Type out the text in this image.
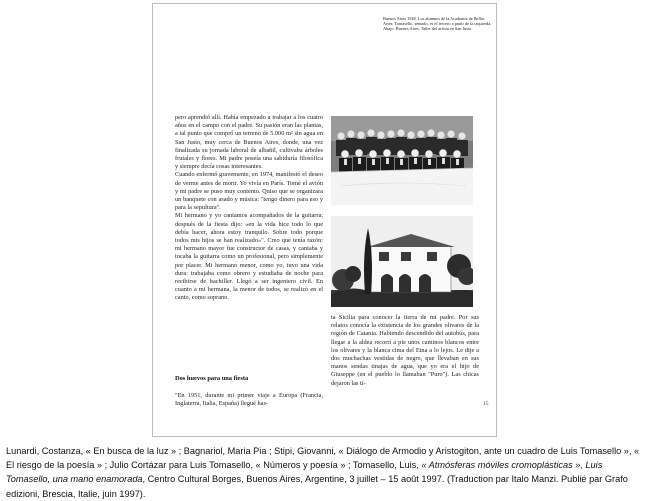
Buenos Aires 1948. Los alumnos de la Academia de Bellas Artes: Tomasello, sentado, es el tercero a partir de la izquierda. Abajo: Buenos Aires. Taller del artista en San Justo.

pero aprendió allí. Había empezado a trabajar a los cuatro años en el campo con el padre. Su pasión eran las plantas, a tal punto que compró un terreno de 5.000 m² sin agua en San Justo, muy cerca de Buenos Aires, donde, una vez finalizada su jornada laboral de albañil, cultivaba árboles frutales y flores. Mi padre poseía una sabiduría filosófica y siempre decía cosas interesantes.

Cuando enfermó gravemente, en 1974, manifestó el deseo de verme antes de morir. Yo vivía en París. Tomé el avión y mi padre se puso muy contento. Quiso que se organizara un banquete con asado y música: "tengo dinero para eso y para la sepultura".

Mi hermano y yo cantamos acompañados de la guitarra; después de la fiesta dijo: «en la vida hice todo lo que debía hacer, ahora estoy tranquilo. Sobre todo porque todos mis hijos se han realizado»". Creo que tenía razón: mi hermano mayor fue constructor de casas, y cantaba y tocaba la guitarra como un profesional, pero simplemente por placer. Mi hermano menor, como yo, tuvo una vida dura: trabajaba como obrero y estudiaba de noche para recibirse de bachiller. Llegó a ser ingeniero civil. En cuanto a mi hermana, la menor de todos, se realizó en el canto, como soprano.

Dos huevos para una fiesta

"En 1951, durante mi primer viaje a Europa (Francia, Inglaterra, Italia, España) llegué has-

ta Sicilia para conocer la tierra de mi padre. Por sus relatos conocía la existencia de los grandes olivares de la región de Catania. Habiendo descendido del autobús, para llegar a la aldea recorrí a pie unos caminos blancos entre los olivares y la blanca cima del Etna a lo lejos. Le dije a dos muchachas vestidas de negro, que llevaban en sus manos sendas tinajas de agua, que yo era el hijo de Giuseppe (en el pueblo lo llamaban "Puro"). Las chicas dejaron las ti-

15
Lunardi, Costanza, « En busca de la luz » ; Bagnariol, Maria Pia ; Stipi, Giovanni, « Diálogo de Armodio y Aristogiton, ante un cuadro de Luis Tomasello », « El riesgo de la poesía » ; Julio Cortázar para Luis Tomasello, « Números y poesía » ; Tomasello, Luis, « Atmósferas móviles cromoplásticas », Luis Tomasello, una mano enamorada, Centro Cultural Borges, Buenos Aires, Argentine, 3 juillet – 15 août 1997. (Traduction par Italo Manzi. Publié par Grafo edizioni, Brescia, Italie, juin 1997).
